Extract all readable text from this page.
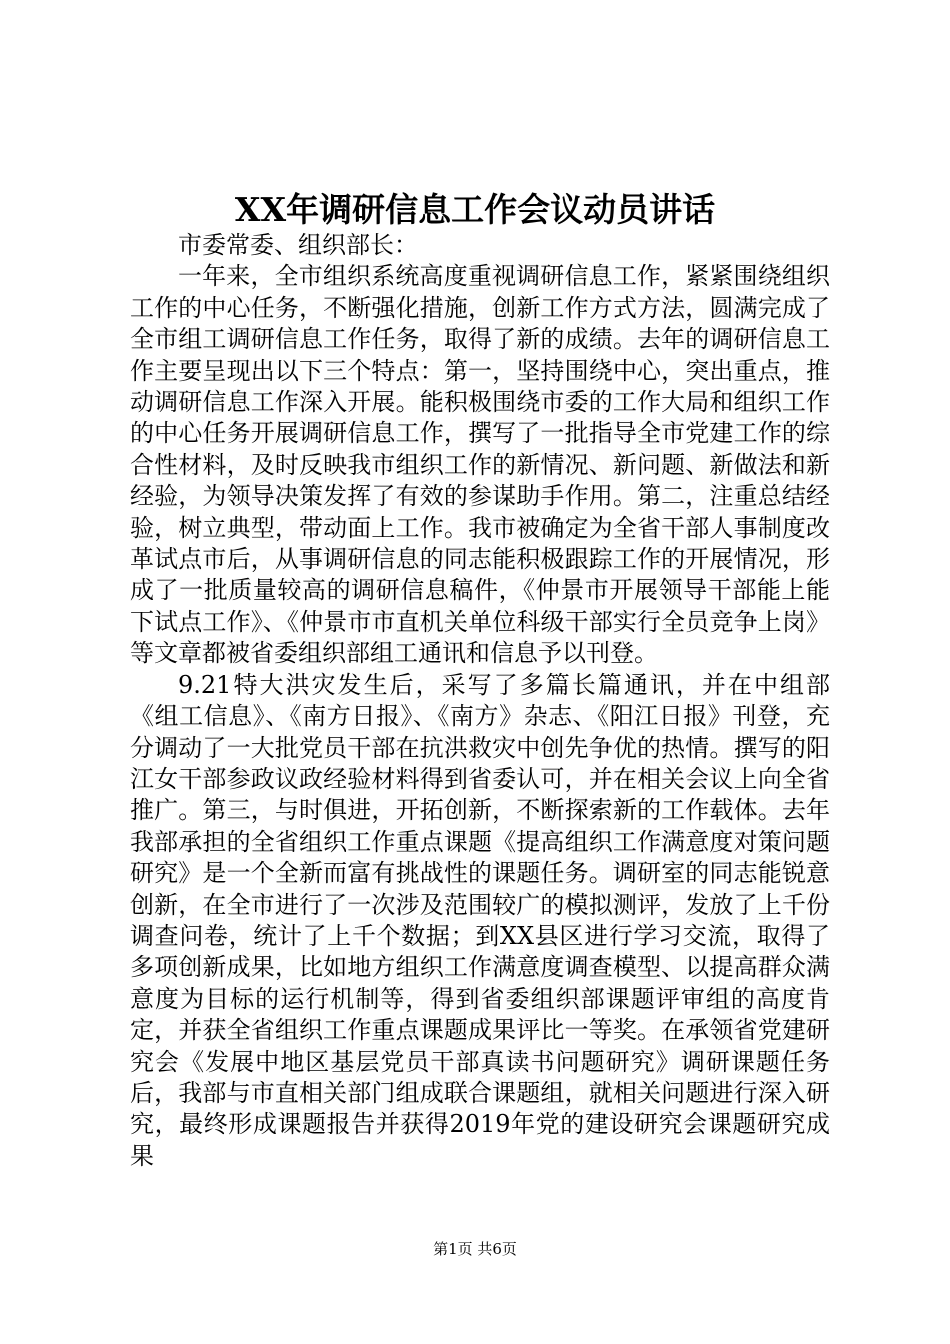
XX年调研信息工作会议动员讲话

市委常委、组织部长：

一年来，全市组织系统高度重视调研信息工作，紧紧围绕组织工作的中心任务，不断强化措施，创新工作方式方法，圆满完成了全市组工调研信息工作任务，取得了新的成绩。去年的调研信息工作主要呈现出以下三个特点：第一，坚持围绕中心，突出重点，推动调研信息工作深入开展。能积极围绕市委的工作大局和组织工作的中心任务开展调研信息工作，撰写了一批指导全市党建工作的综合性材料，及时反映我市组织工作的新情况、新问题、新做法和新经验，为领导决策发挥了有效的参谋助手作用。第二，注重总结经验，树立典型，带动面上工作。我市被确定为全省干部人事制度改革试点市后，从事调研信息的同志能积极跟踪工作的开展情况，形成了一批质量较高的调研信息稿件，《仲景市开展领导干部能上能下试点工作》、《仲景市市直机关单位科级干部实行全员竞争上岗》等文章都被省委组织部组工通讯和信息予以刊登。

9.21特大洪灾发生后，采写了多篇长篇通讯，并在中组部《组工信息》、《南方日报》、《南方》杂志、《阳江日报》刊登，充分调动了一大批党员干部在抗洪救灾中创先争优的热情。撰写的阳江女干部参政议政经验材料得到省委认可，并在相关会议上向全省推广。第三，与时俱进，开拓创新，不断探索新的工作载体。去年我部承担的全省组织工作重点课题《提高组织工作满意度对策问题研究》是一个全新而富有挑战性的课题任务。调研室的同志能锐意创新，在全市进行了一次涉及范围较广的模拟测评，发放了上千份调查问卷，统计了上千个数据；到XX县区进行学习交流，取得了多项创新成果，比如地方组织工作满意度调查模型、以提高群众满意度为目标的运行机制等，得到省委组织部课题评审组的高度肯定，并获全省组织工作重点课题成果评比一等奖。在承领省党建研究会《发展中地区基层党员干部真读书问题研究》调研课题任务后，我部与市直相关部门组成联合课题组，就相关问题进行深入研究，最终形成课题报告并获得2019年党的建设研究会课题研究成果

第1页 共6页
